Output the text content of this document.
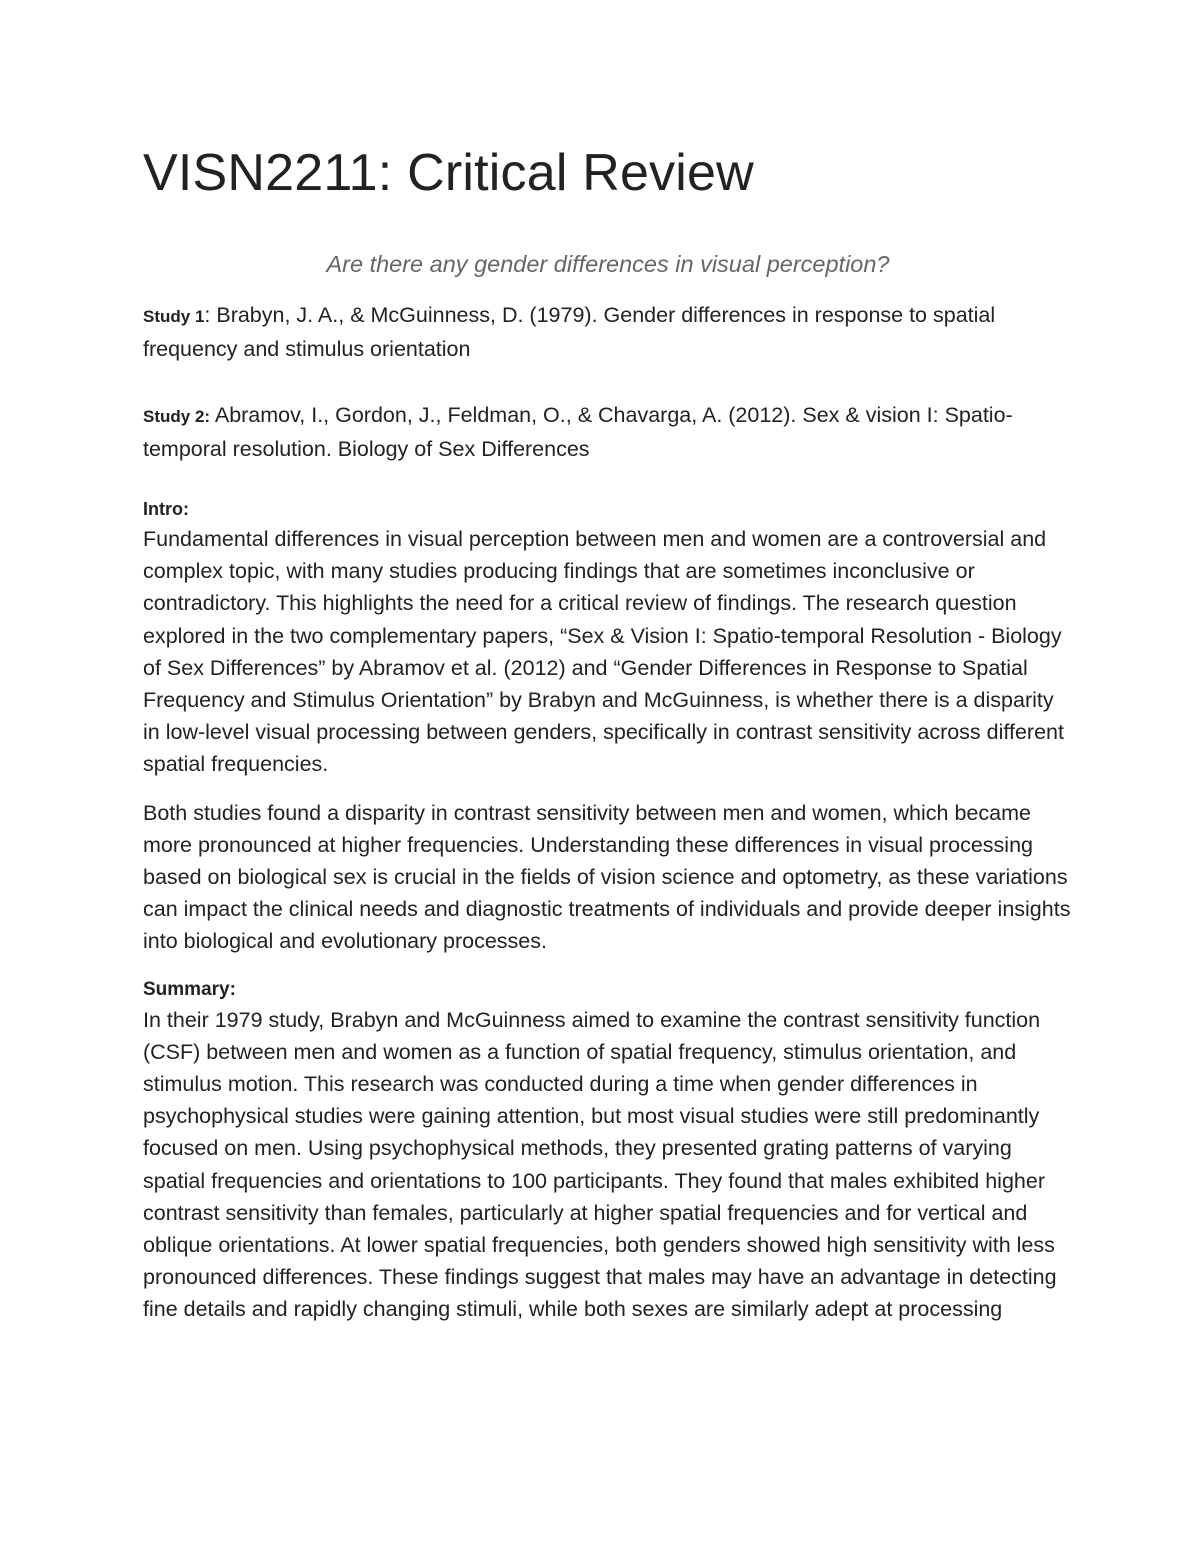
VISN2211: Critical Review

Are there any gender differences in visual perception?

Study 1: Brabyn, J. A., & McGuinness, D. (1979). Gender differences in response to spatial frequency and stimulus orientation

Study 2: Abramov, I., Gordon, J., Feldman, O., & Chavarga, A. (2012). Sex & vision I: Spatio-temporal resolution. Biology of Sex Differences

Intro:

Fundamental differences in visual perception between men and women are a controversial and complex topic, with many studies producing findings that are sometimes inconclusive or contradictory. This highlights the need for a critical review of findings. The research question explored in the two complementary papers, “Sex & Vision I: Spatio-temporal Resolution - Biology of Sex Differences” by Abramov et al. (2012) and “Gender Differences in Response to Spatial Frequency and Stimulus Orientation” by Brabyn and McGuinness, is whether there is a disparity in low-level visual processing between genders, specifically in contrast sensitivity across different spatial frequencies.

Both studies found a disparity in contrast sensitivity between men and women, which became more pronounced at higher frequencies. Understanding these differences in visual processing based on biological sex is crucial in the fields of vision science and optometry, as these variations can impact the clinical needs and diagnostic treatments of individuals and provide deeper insights into biological and evolutionary processes.

Summary:

In their 1979 study, Brabyn and McGuinness aimed to examine the contrast sensitivity function (CSF) between men and women as a function of spatial frequency, stimulus orientation, and stimulus motion. This research was conducted during a time when gender differences in psychophysical studies were gaining attention, but most visual studies were still predominantly focused on men. Using psychophysical methods, they presented grating patterns of varying spatial frequencies and orientations to 100 participants. They found that males exhibited higher contrast sensitivity than females, particularly at higher spatial frequencies and for vertical and oblique orientations. At lower spatial frequencies, both genders showed high sensitivity with less pronounced differences. These findings suggest that males may have an advantage in detecting fine details and rapidly changing stimuli, while both sexes are similarly adept at processing
